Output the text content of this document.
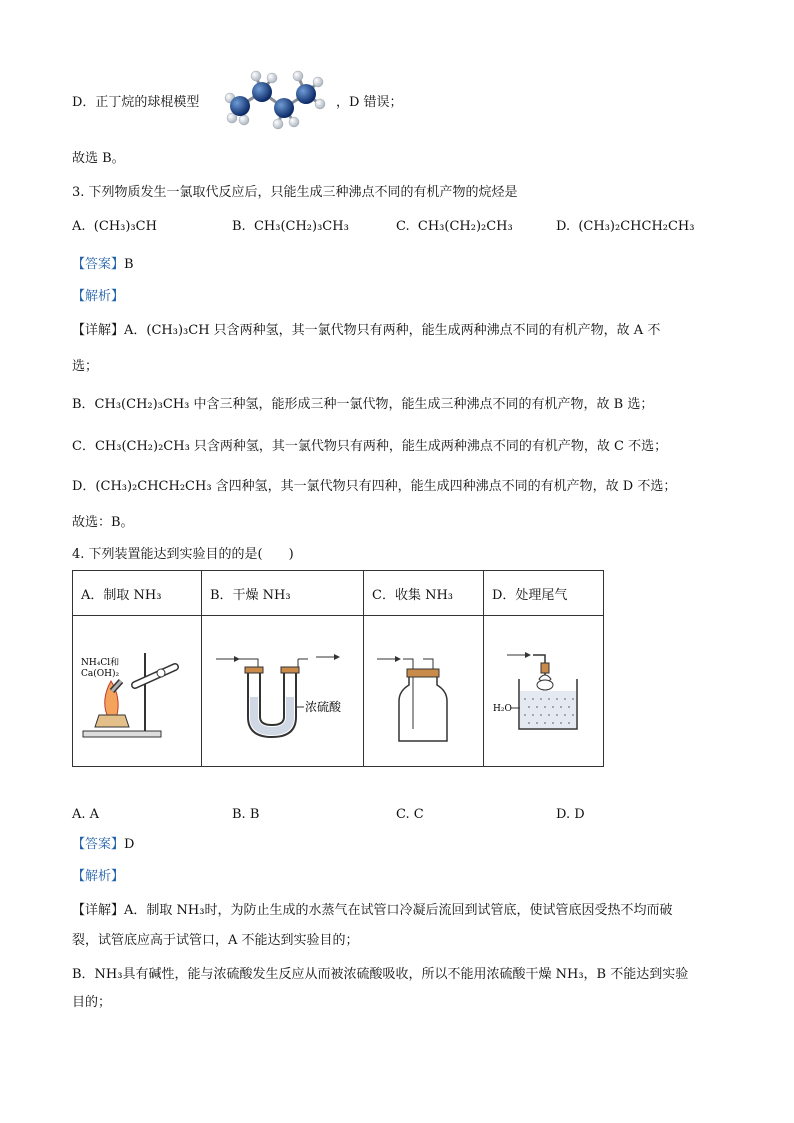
D．正丁烷的球棍模型	，D 错误；
故选 B。
3. 下列物质发生一氯取代反应后，只能生成三种沸点不同的有机产物的烷烃是
A. (CH₃)₃CH	B. CH₃(CH₂)₃CH₃	C. CH₃(CH₂)₂CH₃	D. (CH₃)₂CHCH₂CH₃
【答案】B
【解析】
【详解】A．(CH₃)₃CH 只含两种氢，其一氯代物只有两种，能生成两种沸点不同的有机产物，故 A 不
选；
B．CH₃(CH₂)₃CH₃ 中含三种氢，能形成三种一氯代物，能生成三种沸点不同的有机产物，故 B 选；
C．CH₃(CH₂)₂CH₃ 只含两种氢，其一氯代物只有两种，能生成两种沸点不同的有机产物，故 C 不选；
D．(CH₃)₂CHCH₂CH₃ 含四种氢，其一氯代物只有四种，能生成四种沸点不同的有机产物，故 D 不选；
故选：B。
4. 下列装置能达到实验目的的是(　　)
A．制取 NH₃	B．干燥 NH₃	C．收集 NH₃	D．处理尾气

NH₄Cl和
Ca(OH)₂	浓硫酸		H₂O
A. A	B. B	C. C	D. D
【答案】D
【解析】
【详解】A．制取 NH₃时，为防止生成的水蒸气在试管口冷凝后流回到试管底，使试管底因受热不均而破
裂，试管底应高于试管口，A 不能达到实验目的；
B．NH₃具有碱性，能与浓硫酸发生反应从而被浓硫酸吸收，所以不能用浓硫酸干燥 NH₃，B 不能达到实验
目的；
